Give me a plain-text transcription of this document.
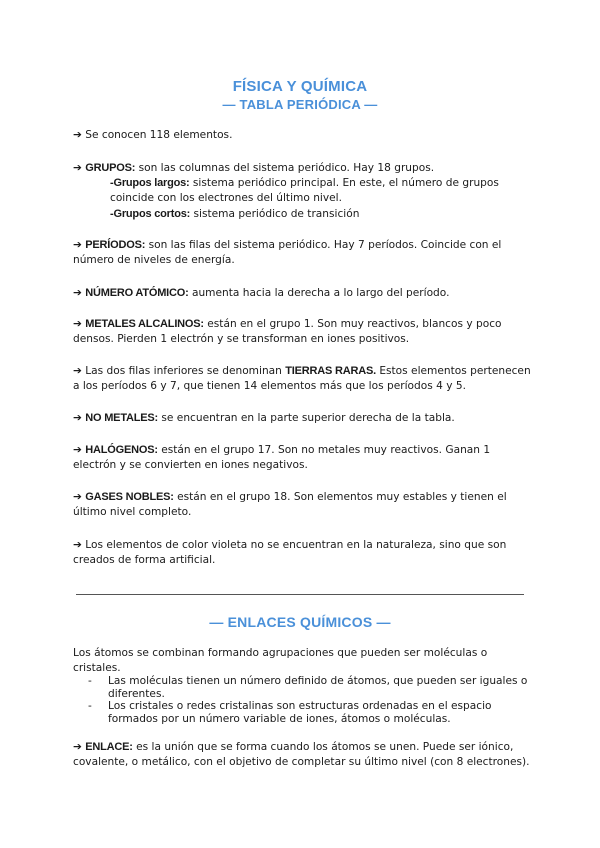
FÍSICA Y QUÍMICA
— TABLA PERIÓDICA —
➔ Se conocen 118 elementos.
➔ GRUPOS: son las columnas del sistema periódico. Hay 18 grupos.
-Grupos largos: sistema periódico principal. En este, el número de grupos coincide con los electrones del último nivel.
-Grupos cortos: sistema periódico de transición
➔ PERÍODOS: son las filas del sistema periódico. Hay 7 períodos. Coincide con el número de niveles de energía.
➔ NÚMERO ATÓMICO: aumenta hacia la derecha a lo largo del período.
➔ METALES ALCALINOS: están en el grupo 1. Son muy reactivos, blancos y poco densos. Pierden 1 electrón y se transforman en iones positivos.
➔ Las dos filas inferiores se denominan TIERRAS RARAS. Estos elementos pertenecen a los períodos 6 y 7, que tienen 14 elementos más que los períodos 4 y 5.
➔ NO METALES: se encuentran en la parte superior derecha de la tabla.
➔ HALÓGENOS: están en el grupo 17. Son no metales muy reactivos. Ganan 1 electrón y se convierten en iones negativos.
➔ GASES NOBLES: están en el grupo 18. Son elementos muy estables y tienen el último nivel completo.
➔ Los elementos de color violeta no se encuentran en la naturaleza, sino que son creados de forma artificial.
— ENLACES QUÍMICOS —
Los átomos se combinan formando agrupaciones que pueden ser moléculas o cristales.
-	Las moléculas tienen un número definido de átomos, que pueden ser iguales o diferentes.
-	Los cristales o redes cristalinas son estructuras ordenadas en el espacio formados por un número variable de iones, átomos o moléculas.
➔ ENLACE: es la unión que se forma cuando los átomos se unen. Puede ser iónico, covalente, o metálico, con el objetivo de completar su último nivel (con 8 electrones).
